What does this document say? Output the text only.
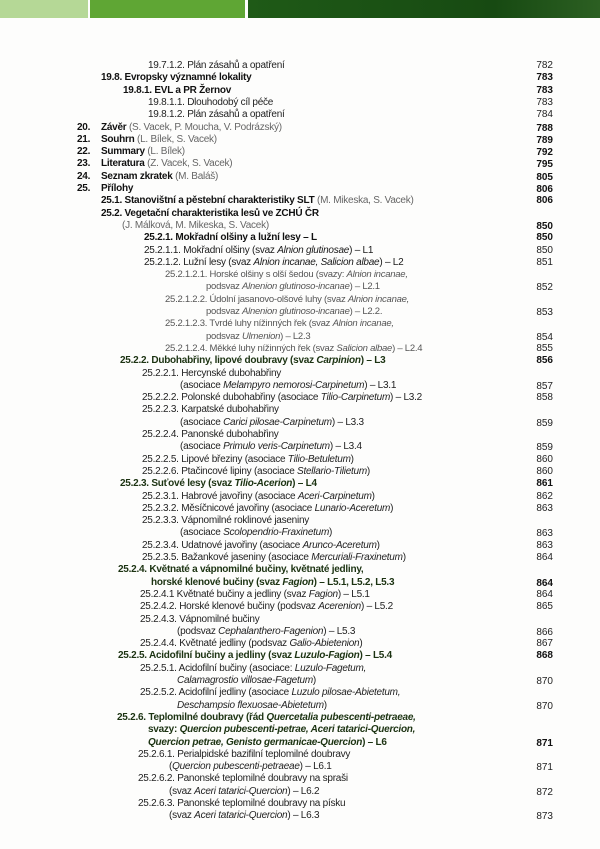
19.7.1.2. Plán zásahů a opatření	782
19.8. Evropsky významné lokality	783
19.8.1. EVL a PR Žernov	783
19.8.1.1. Dlouhodobý cíl péče	783
19.8.1.2. Plán zásahů a opatření	784
20. Závěr (S. Vacek, P. Moucha, V. Podrázský)	788
21. Souhrn (L. Bílek, S. Vacek)	789
22. Summary (L. Bílek)	792
23. Literatura (Z. Vacek, S. Vacek)	795
24. Seznam zkratek (M. Baláš)	805
25. Přílohy	806
25.1. Stanovištní a pěstební charakteristiky SLT (M. Mikeska, S. Vacek)	806
25.2. Vegetační charakteristika lesů ve ZCHÚ ČR
(J. Málková, M. Mikeska, S. Vacek)	850
25.2.1. Mokřadní olšiny a lužní lesy – L	850
25.2.1.1. Mokřadní olšiny (svaz Alnion glutinosae) – L1	850
25.2.1.2. Lužní lesy (svaz Alnion incanae, Salicion albae) – L2	851
25.2.1.2.1. Horské olšiny s olší šedou (svazy: Alnion incanae,
podsvaz Alnenion glutinoso-incanae) – L2.1	852
25.2.1.2.2. Údolní jasanovo-olšové luhy (svaz Alnion incanae,
podsvaz Alnenion glutinoso-incanae) – L2.2.	853
25.2.1.2.3. Tvrdé luhy nížinných řek (svaz Alnion incanae,
podsvaz Ulmenion) – L2.3	854
25.2.1.2.4. Měkké luhy nížinných řek (svaz Salicion albae) – L2.4	855
25.2.2. Dubohabřiny, lipové doubravy (svaz Carpinion) – L3	856
25.2.2.1. Hercynské dubohabřiny
(asociace Melampyro nemorosi-Carpinetum) – L3.1	857
25.2.2.2. Polonské dubohabřiny (asociace Tilio-Carpinetum) – L3.2	858
25.2.2.3. Karpatské dubohabřiny
(asociace Carici pilosae-Carpinetum) – L3.3	859
25.2.2.4. Panonské dubohabřiny
(asociace Primulo veris-Carpinetum) – L3.4	859
25.2.2.5. Lipové březiny (asociace Tilio-Betuletum)	860
25.2.2.6. Ptačincové lipiny (asociace Stellario-Tilietum)	860
25.2.3. Suťové lesy (svaz Tilio-Acerion) – L4	861
25.2.3.1. Habrové javořiny (asociace Aceri-Carpinetum)	862
25.2.3.2. Měsíčnicové javořiny (asociace Lunario-Aceretum)	863
25.2.3.3. Vápnomilné roklinové jaseniny
(asociace Scolopendrio-Fraxinetum)	863
25.2.3.4. Udatnové javořiny (asociace Arunco-Aceretum)	863
25.2.3.5. Bažankové jaseniny (asociace Mercuriali-Fraxinetum)	864
25.2.4. Květnaté a vápnomilné bučiny, květnaté jedliny,
horské klenové bučiny (svaz Fagion) – L5.1, L5.2, L5.3	864
25.2.4.1 Květnaté bučiny a jedliny (svaz Fagion) – L5.1	864
25.2.4.2. Horské klenové bučiny (podsvaz Acerenion) – L5.2	865
25.2.4.3. Vápnomilné bučiny
(podsvaz Cephalanthero-Fagenion) – L5.3	866
25.2.4.4. Květnaté jedliny (podsvaz Galio-Abietenion)	867
25.2.5. Acidofilní bučiny a jedliny (svaz Luzulo-Fagion) – L5.4	868
25.2.5.1. Acidofilní bučiny (asociace: Luzulo-Fagetum,
Calamagrostio villosae-Fagetum)	870
25.2.5.2. Acidofilní jedliny (asociace Luzulo pilosae-Abietetum,
Deschampsio flexuosae-Abietetum)	870
25.2.6. Teplomilné doubravy (řád Quercetalia pubescenti-petraeae,
svazy: Quercion pubescenti-petrae, Aceri tatarici-Quercion,
Quercion petrae, Genisto germanicae-Quercion) – L6	871
25.2.6.1. Perialpidské bazifilní teplomilné doubravy
(Quercion pubescenti-petraeae) – L6.1	871
25.2.6.2. Panonské teplomilné doubravy na spraši
(svaz Aceri tatarici-Quercion) – L6.2	872
25.2.6.3. Panonské teplomilné doubravy na písku
(svaz Aceri tatarici-Quercion) – L6.3	873
